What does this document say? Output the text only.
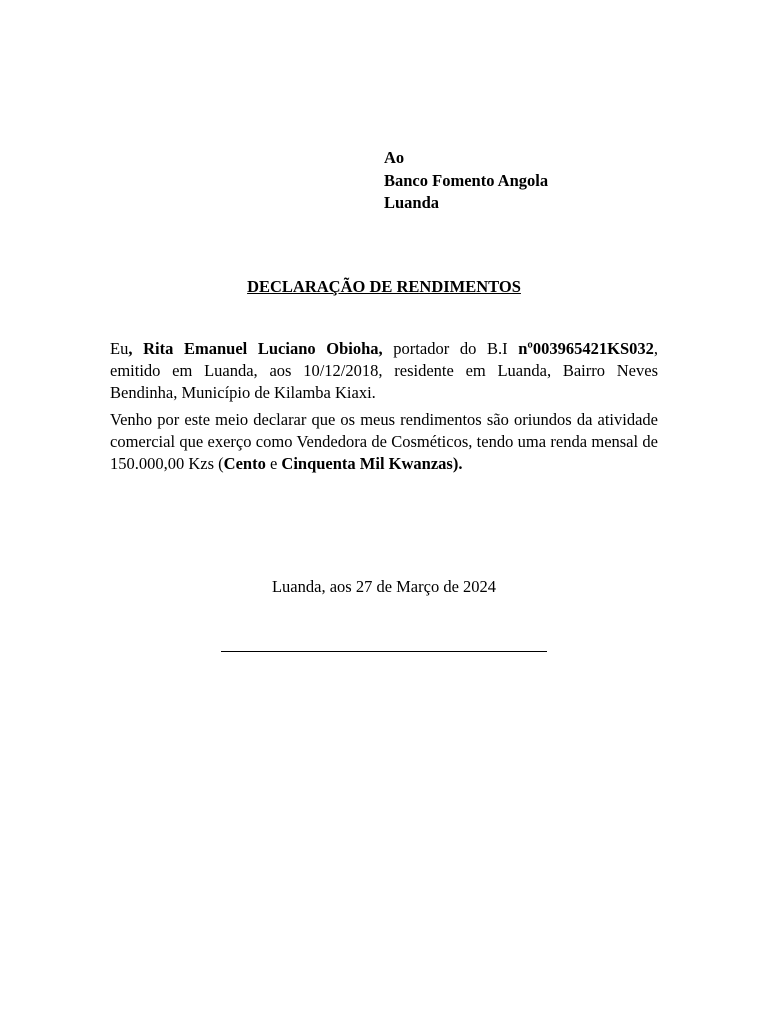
Ao
Banco Fomento Angola
Luanda
DECLARAÇÃO DE RENDIMENTOS

Eu, Rita Emanuel Luciano Obioha, portador do B.I nº003965421KS032, emitido em Luanda, aos 10/12/2018, residente em Luanda, Bairro Neves Bendinha, Município de Kilamba Kiaxi.

Venho por este meio declarar que os meus rendimentos são oriundos da atividade comercial que exerço como Vendedora de Cosméticos, tendo uma renda mensal de 150.000,00 Kzs (Cento e Cinquenta Mil Kwanzas).

Luanda, aos 27 de Março de 2024
